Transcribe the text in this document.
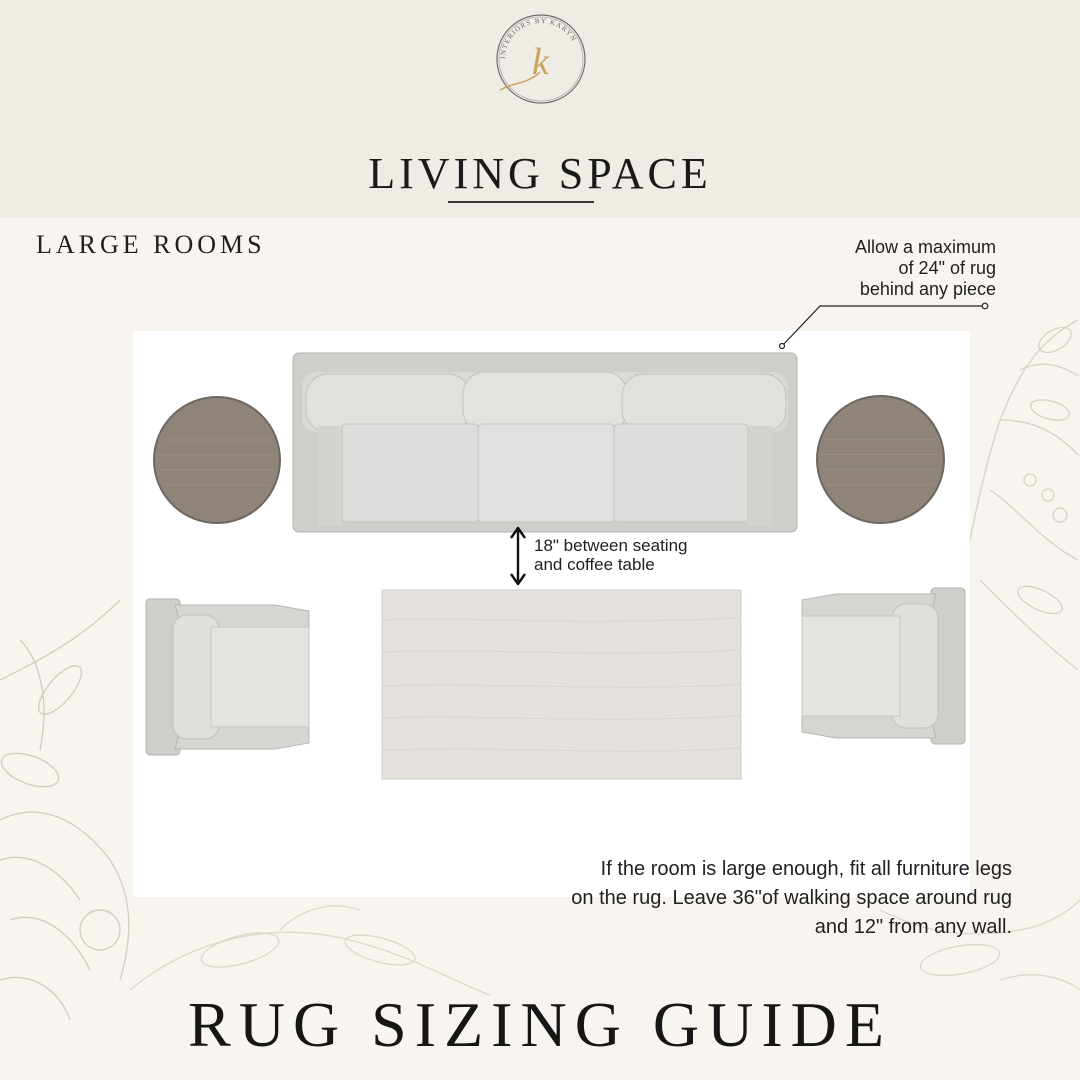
INTERIORS BY KARYN
k
LIVING SPACE
LARGE ROOMS	Allow a maximum
of 24" of rug
behind any piece
18" between seating
and coffee table
If the room is large enough, fit all furniture legs
on the rug. Leave 36"of walking space around rug
and 12" from any wall.
RUG SIZING GUIDE
